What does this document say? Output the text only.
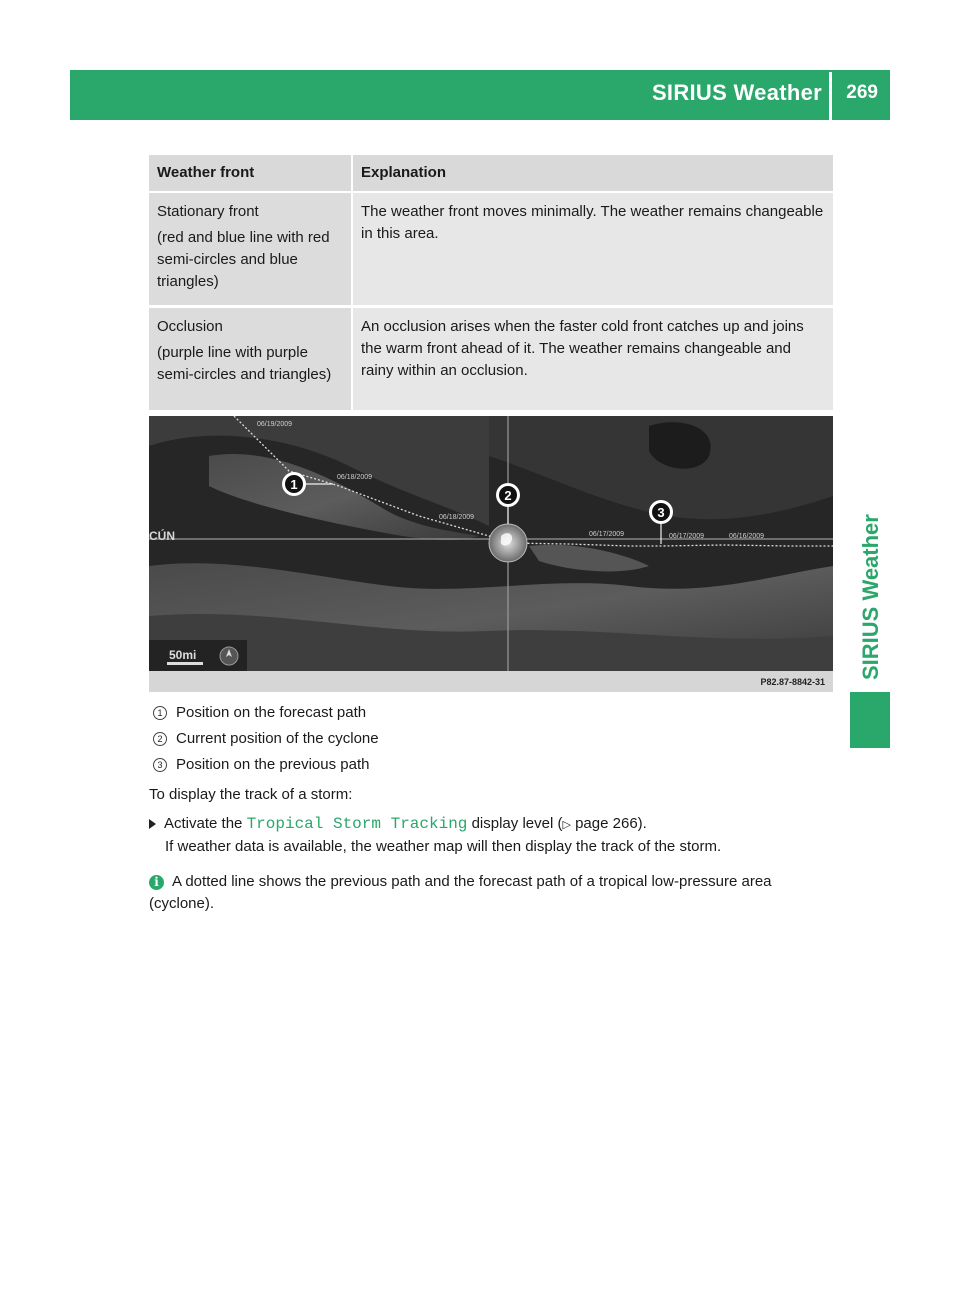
SIRIUS Weather 269
SIRIUS Weather
Weather front	Explanation

Stationary front
(red and blue line with red semi-circles and blue triangles)	The weather front moves minimally. The weather remains changeable in this area.

Occlusion
(purple line with purple semi-circles and triangles)	An occlusion arises when the faster cold front catches up and joins the warm front ahead of it. The weather remains changeable and rainy within an occlusion.
06/19/2009
06/18/2009
06/18/2009
06/17/2009	06/17/2009	06/16/2009
1
2
3
CÚN
50mi
P82.87-8842-31
1 Position on the forecast path
2 Current position of the cyclone
3 Position on the previous path
To display the track of a storm:
Activate the Tropical Storm Tracking display level (▷ page 266).
If weather data is available, the weather map will then display the track of the storm.
i A dotted line shows the previous path and the forecast path of a tropical low-pressure area (cyclone).
